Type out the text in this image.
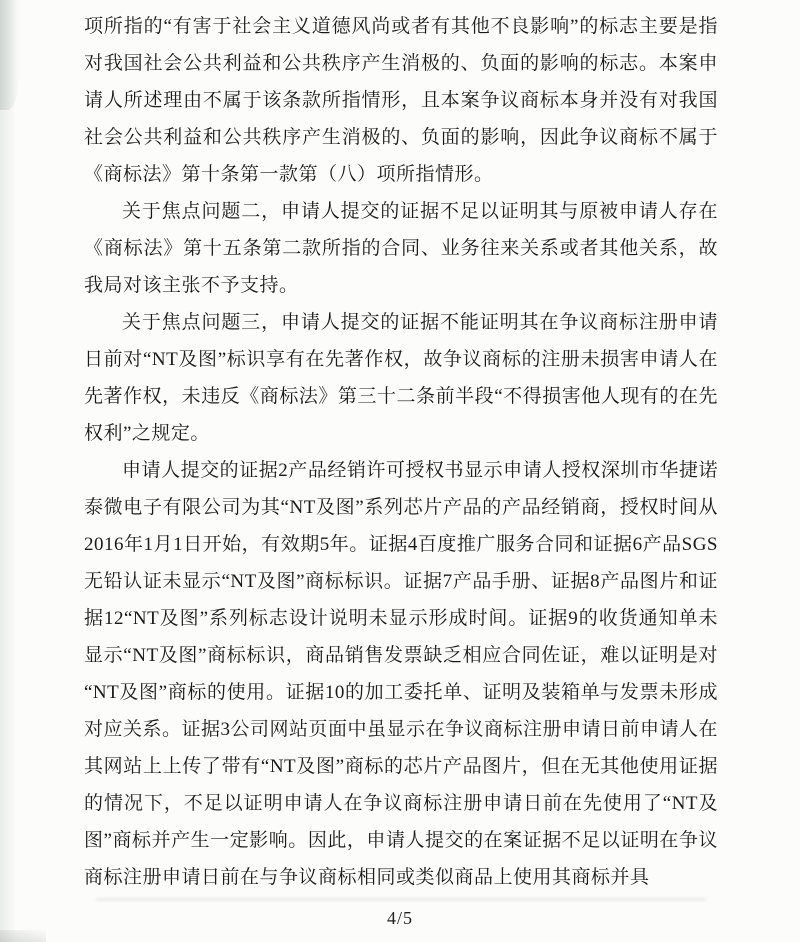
项所指的“有害于社会主义道德风尚或者有其他不良影响”的标志主要是指对我国社会公共利益和公共秩序产生消极的、负面的影响的标志。本案申请人所述理由不属于该条款所指情形，且本案争议商标本身并没有对我国社会公共利益和公共秩序产生消极的、负面的影响，因此争议商标不属于《商标法》第十条第一款第（八）项所指情形。

关于焦点问题二，申请人提交的证据不足以证明其与原被申请人存在《商标法》第十五条第二款所指的合同、业务往来关系或者其他关系，故我局对该主张不予支持。

关于焦点问题三，申请人提交的证据不能证明其在争议商标注册申请日前对“NT及图”标识享有在先著作权，故争议商标的注册未损害申请人在先著作权，未违反《商标法》第三十二条前半段“不得损害他人现有的在先权利”之规定。

申请人提交的证据2产品经销许可授权书显示申请人授权深圳市华捷诺泰微电子有限公司为其“NT及图”系列芯片产品的产品经销商，授权时间从2016年1月1日开始，有效期5年。证据4百度推广服务合同和证据6产品SGS无铅认证未显示“NT及图”商标标识。证据7产品手册、证据8产品图片和证据12“NT及图”系列标志设计说明未显示形成时间。证据9的收货通知单未显示“NT及图”商标标识，商品销售发票缺乏相应合同佐证，难以证明是对“NT及图”商标的使用。证据10的加工委托单、证明及装箱单与发票未形成对应关系。证据3公司网站页面中虽显示在争议商标注册申请日前申请人在其网站上上传了带有“NT及图”商标的芯片产品图片，但在无其他使用证据的情况下，不足以证明申请人在争议商标注册申请日前在先使用了“NT及图”商标并产生一定影响。因此，申请人提交的在案证据不足以证明在争议商标注册申请日前在与争议商标相同或类似商品上使用其商标并具

4/5
